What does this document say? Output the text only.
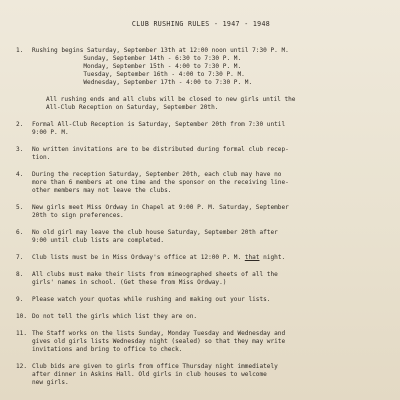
CLUB RUSHING RULES - 1947 - 1948
1.	Rushing begins Saturday, September 13th at 12:00 noon until 7:30 P. M.
Sunday, September 14th - 6:30 to 7:30 P. M.
Monday, September 15th - 4:00 to 7:30 P. M.
Tuesday, September 16th - 4:00 to 7:30 P. M.
Wednesday, September 17th - 4:00 to 7:30 P. M.
All rushing ends and all clubs will be closed to new girls until the
All-Club Reception on Saturday, September 20th.
2.	Formal All-Club Reception is Saturday, September 20th from 7:30 until
9:00 P. M.
3.	No written invitations are to be distributed during formal club recep-
tion.
4.	During the reception Saturday, September 20th, each club may have no
more than 6 members at one time and the sponsor on the receiving line-
other members may not leave the clubs.
5.	New girls meet Miss Ordway in Chapel at 9:00 P. M. Saturday, September
20th to sign preferences.
6.	No old girl may leave the club house Saturday, September 20th after
9:00 until club lists are completed.
7.	Club lists must be in Miss Ordway's office at 12:00 P. M. that night.
8.	All clubs must make their lists from mimeographed sheets of all the
girls' names in school. (Get these from Miss Ordway.)
9.	Please watch your quotas while rushing and making out your lists.
10. Do not tell the girls which list they are on.
11. The Staff works on the lists Sunday, Monday Tuesday and Wednesday and
gives old girls lists Wednesday night (sealed) so that they may write
invitations and bring to office to check.
12. Club bids are given to girls from office Thursday night immediately
after dinner in Askins Hall. Old girls in club houses to welcome
new girls.
